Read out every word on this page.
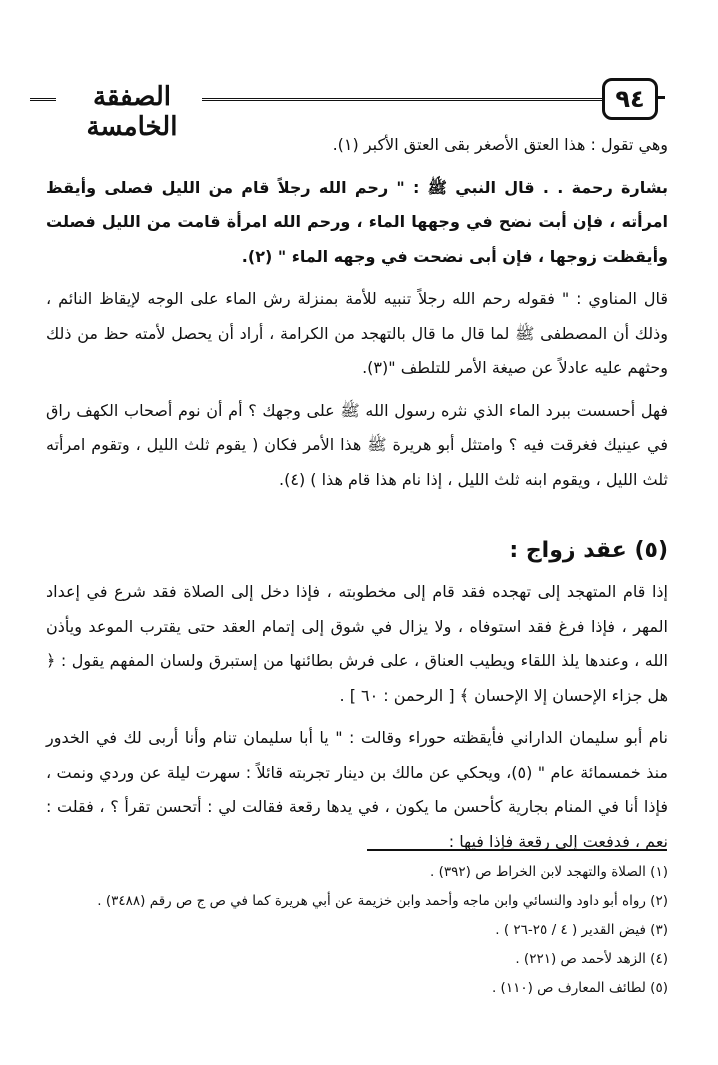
الصفقة الخامسة
٩٤

وهي تقول : هذا العتق الأصغر بقى العتق الأكبر (١).

بشارة رحمة . . قال النبي ﷺ : " رحم الله رجلاً قام من الليل فصلى وأيقظ امرأته ، فإن أبت نضح في وجهها الماء ، ورحم الله امرأة قامت من الليل فصلت وأيقظت زوجها ، فإن أبى نضحت في وجهه الماء " (٢).

قال المناوي : " فقوله رحم الله رجلاً تنبيه للأمة بمنزلة رش الماء على الوجه لإيقاظ النائم ، وذلك أن المصطفى ﷺ لما قال ما قال بالتهجد من الكرامة ، أراد أن يحصل لأمته حظ من ذلك وحثهم عليه عادلاً عن صيغة الأمر للتلطف "(٣).

فهل أحسست ببرد الماء الذي نثره رسول الله ﷺ على وجهك ؟ أم أن نوم أصحاب الكهف راق في عينيك فغرقت فيه ؟ وامتثل أبو هريرة ﷺ هذا الأمر فكان ( يقوم ثلث الليل ، وتقوم امرأته ثلث الليل ، ويقوم ابنه ثلث الليل ، إذا نام هذا قام هذا ) (٤).

(٥) عقد زواج :

إذا قام المتهجد إلى تهجده فقد قام إلى مخطوبته ، فإذا دخل إلى الصلاة فقد شرع في إعداد المهر ، فإذا فرغ فقد استوفاه ، ولا يزال في شوق إلى إتمام العقد حتى يقترب الموعد ويأذن الله ، وعندها يلذ اللقاء ويطيب العناق ، على فرش بطائنها من إستبرق ولسان المفهم يقول : ﴿ هل جزاء الإحسان إلا الإحسان ﴾ [ الرحمن : ٦٠ ] .

نام أبو سليمان الداراني فأيقظته حوراء وقالت : " يا أبا سليمان تنام وأنا أربى لك في الخدور منذ خمسمائة عام " (٥)، ويحكي عن مالك بن دينار تجربته قائلاً : سهرت ليلة عن وردي ونمت ، فإذا أنا في المنام بجارية كأحسن ما يكون ، في يدها رقعة فقالت لي : أتحسن تقرأ ؟ ، فقلت : نعم ، فدفعت إلى رقعة فإذا فيها :

(١) الصلاة والتهجد لابن الخراط ص (٣٩٢) .

(٢) رواه أبو داود والنسائي وابن ماجه وأحمد وابن خزيمة عن أبي هريرة كما في ص ج ص رقم (٣٤٨٨) .

(٣) فيض القدير ( ٤ / ٢٥-٢٦ ) .

(٤) الزهد لأحمد ص (٢٢١) .

(٥) لطائف المعارف ص (١١٠) .
